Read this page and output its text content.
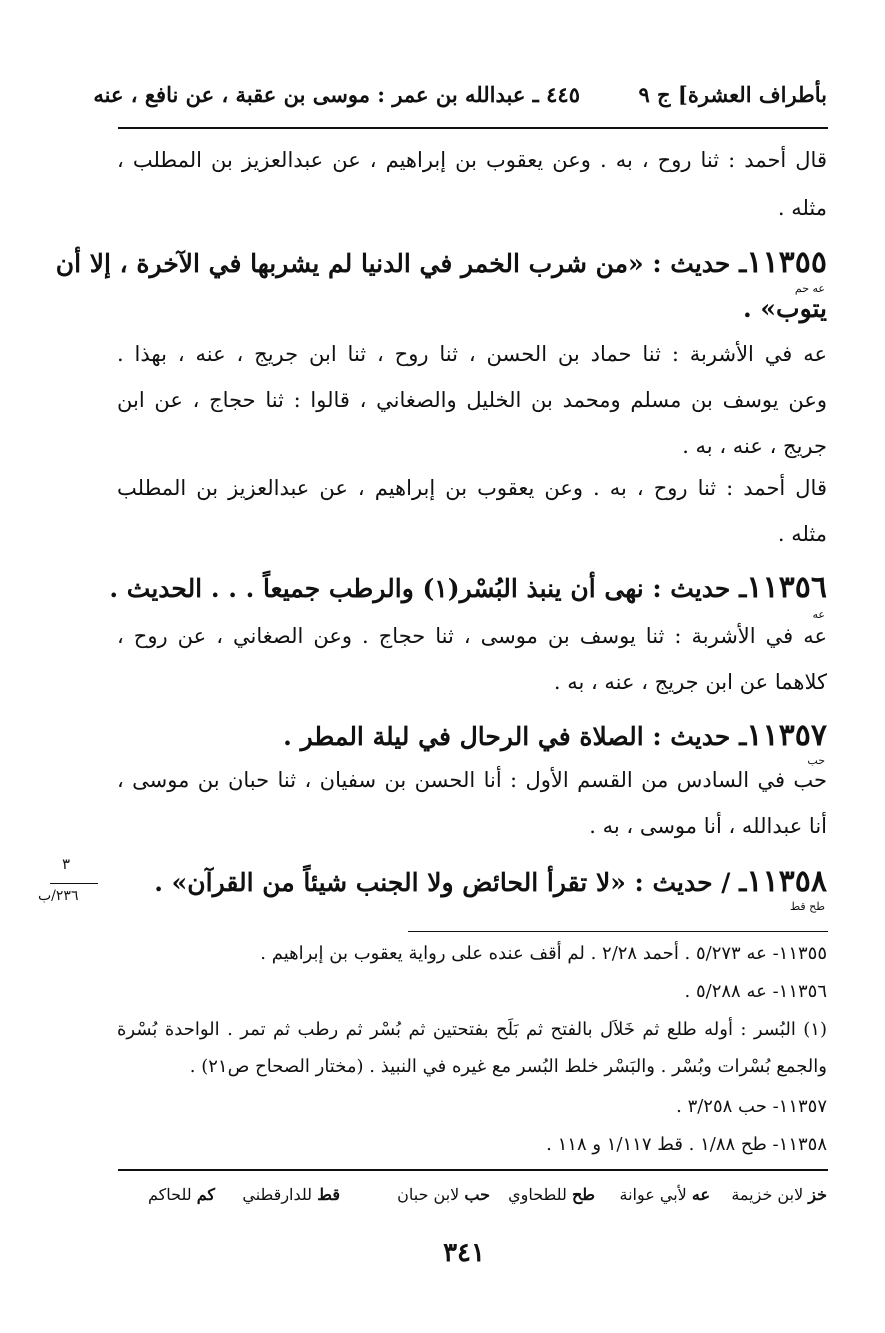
بأطراف العشرة] ج ٩
٤٤٥ ـ عبدالله بن عمر : موسى بن عقبة ، عن نافع ، عنه
قال أحمد : ثنا روح ، به . وعن يعقوب بن إبراهيم ، عن عبدالعزيز بن المطلب ،
مثله .
١١٣٥٥ـ حديث : «من شرب الخمر في الدنيا لم يشربها في الآخرة ، إلا أن
عه حم
يتوب» .
عه في الأشربة : ثنا حماد بن الحسن ، ثنا روح ، ثنا ابن جريج ، عنه ، بهذا .
وعن يوسف بن مسلم ومحمد بن الخليل والصغاني ، قالوا : ثنا حجاج ، عن ابن
جريج ، عنه ، به .
قال أحمد : ثنا روح ، به . وعن يعقوب بن إبراهيم ، عن عبدالعزيز بن المطلب
مثله .
١١٣٥٦ـ حديث : نهى أن ينبذ البُسْر(١) والرطب جميعاً . . . الحديث .
عه
عه في الأشربة : ثنا يوسف بن موسى ، ثنا حجاج . وعن الصغاني ، عن روح ،
كلاهما عن ابن جريج ، عنه ، به .
١١٣٥٧ـ حديث : الصلاة في الرحال في ليلة المطر .
حب
حب في السادس من القسم الأول : أنا الحسن بن سفيان ، ثنا حبان بن موسى ،
أنا عبدالله ، أنا موسى ، به .
١١٣٥٨ـ / حديث : «لا تقرأ الحائض ولا الجنب شيئاً من القرآن» .
طح قط
٣
٢٣٦/ب
١١٣٥٥- عه ٥/٢٧٣ . أحمد ٢/٢٨ . لم أقف عنده على رواية يعقوب بن إبراهيم .
١١٣٥٦- عه ٥/٢٨٨ .
(١) البُسر : أوله طلع ثم خَلاَل بالفتح ثم بَلَح بفتحتين ثم بُسْر ثم رطب ثم تمر . الواحدة بُسْرة
والجمع بُسْرات وبُسْر . والبَسْر خلط البُسر مع غيره في النبيذ . (مختار الصحاح ص٢١) .
١١٣٥٧- حب ٣/٢٥٨ .
١١٣٥٨- طح ١/٨٨ . قط ١/١١٧ و ١١٨ .
خز لابن خزيمة
عه لأبي عوانة
طح للطحاوي
حب لابن حبان
قط للدارقطني
كم للحاكم
٣٤١
